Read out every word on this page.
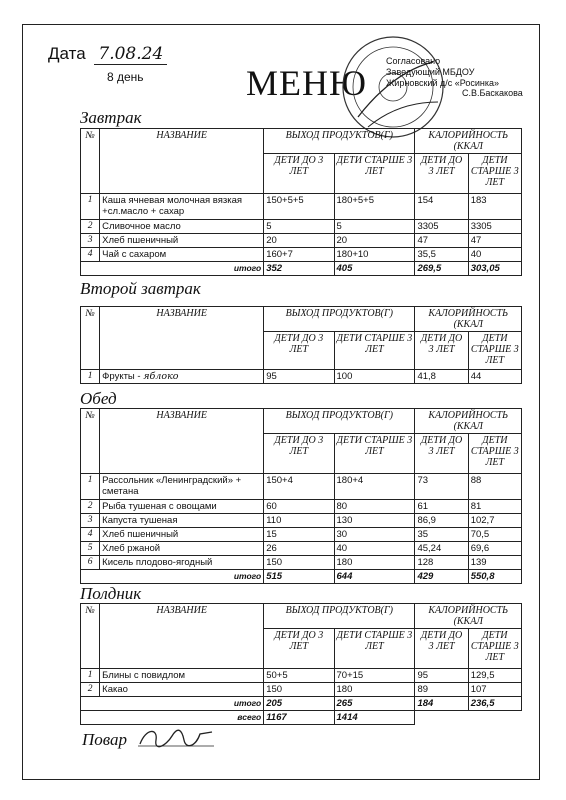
Дата 7.08.24
8 день	МЕНЮ
Согласовано
Заведующий МБДОУ
Жирновский д/с «Росинка»
С.В.Баскакова
Завтрак
№	НАЗВАНИЕ	ВЫХОД ПРОДУКТОВ(Г)		КАЛОРИЙНОСТЬ (ККАЛ	
		ДЕТИ ДО 3 ЛЕТ	ДЕТИ СТАРШЕ 3 ЛЕТ	ДЕТИ ДО 3 ЛЕТ	ДЕТИ СТАРШЕ 3 ЛЕТ
1	Каша ячневая молочная вязкая +сл.масло + сахар	150+5+5	180+5+5	154	183
2	Сливочное масло	5	5	3305	3305
3	Хлеб пшеничный	20	20	47	47
4	Чай с сахаром	160+7	180+10	35,5	40
итого		352	405	269,5	303,05
Второй завтрак
№	НАЗВАНИЕ	ВЫХОД ПРОДУКТОВ(Г)		КАЛОРИЙНОСТЬ (ККАЛ	
		ДЕТИ ДО 3 ЛЕТ	ДЕТИ СТАРШЕ 3 ЛЕТ	ДЕТИ ДО 3 ЛЕТ	ДЕТИ СТАРШЕ 3 ЛЕТ
1	Фрукты - яблоко	95	100	41,8	44
Обед
№	НАЗВАНИЕ	ВЫХОД ПРОДУКТОВ(Г)		КАЛОРИЙНОСТЬ (ККАЛ	
		ДЕТИ ДО 3 ЛЕТ	ДЕТИ СТАРШЕ 3 ЛЕТ	ДЕТИ ДО 3 ЛЕТ	ДЕТИ СТАРШЕ 3 ЛЕТ
1	Рассольник «Ленинградский» + сметана	150+4	180+4	73	88
2	Рыба тушеная с овощами	60	80	61	81
3	Капуста тушеная	110	130	86,9	102,7
4	Хлеб пшеничный	15	30	35	70,5
5	Хлеб ржаной	26	40	45,24	69,6
6	Кисель плодово-ягодный	150	180	128	139
итого		515	644	429	550,8
Полдник
№	НАЗВАНИЕ	ВЫХОД ПРОДУКТОВ(Г)		КАЛОРИЙНОСТЬ (ККАЛ	
		ДЕТИ ДО 3 ЛЕТ	ДЕТИ СТАРШЕ 3 ЛЕТ	ДЕТИ ДО 3 ЛЕТ	ДЕТИ СТАРШЕ 3 ЛЕТ
1	Блины с повидлом	50+5	70+15	95	129,5
2	Какао	150	180	89	107
итого		205	265	184	236,5
всего		1167	1414		
Повар
